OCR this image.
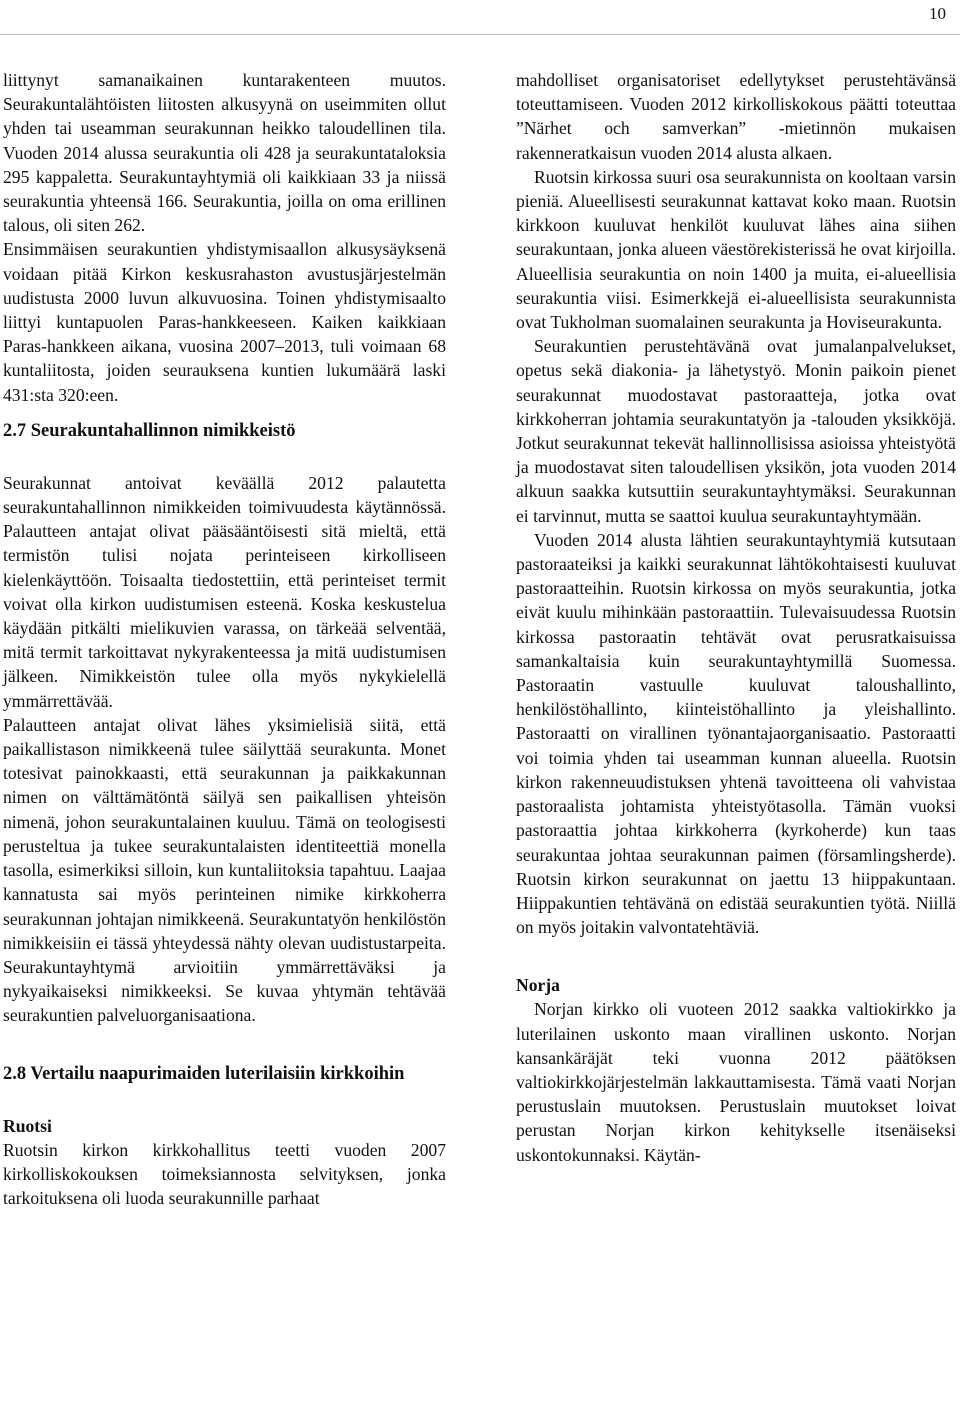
10

liittynyt samanaikainen kuntarakenteen muutos. Seurakuntalähtöisten liitosten alkusyynä on useimmiten ollut yhden tai useamman seurakunnan heikko taloudellinen tila. Vuoden 2014 alussa seurakuntia oli 428 ja seurakuntataloksia 295 kappaletta. Seurakuntayhtymiä oli kaikkiaan 33 ja niissä seurakuntia yhteensä 166. Seurakuntia, joilla on oma erillinen talous, oli siten 262.

Ensimmäisen seurakuntien yhdistymisaallon alkusysäyksenä voidaan pitää Kirkon keskusrahaston avustusjärjestelmän uudistusta 2000 luvun alkuvuosina. Toinen yhdistymisaalto liittyi kuntapuolen Paras-hankkeeseen. Kaiken kaikkiaan Paras-hankkeen aikana, vuosina 2007–2013, tuli voimaan 68 kuntaliitosta, joiden seurauksena kuntien lukumäärä laski 431:sta 320:een.

2.7 Seurakuntahallinnon nimikkeistö

Seurakunnat antoivat keväällä 2012 palautetta seurakuntahallinnon nimikkeiden toimivuudesta käytännössä. Palautteen antajat olivat pääsääntöisesti sitä mieltä, että termistön tulisi nojata perinteiseen kirkolliseen kielenkäyttöön. Toisaalta tiedostettiin, että perinteiset termit voivat olla kirkon uudistumisen esteenä. Koska keskustelua käydään pitkälti mielikuvien varassa, on tärkeää selventää, mitä termit tarkoittavat nykyrakenteessa ja mitä uudistumisen jälkeen. Nimikkeistön tulee olla myös nykykielellä ymmärrettävää.

Palautteen antajat olivat lähes yksimielisiä siitä, että paikallistason nimikkeenä tulee säilyttää seurakunta. Monet totesivat painokkaasti, että seurakunnan ja paikkakunnan nimen on välttämätöntä säilyä sen paikallisen yhteisön nimenä, johon seurakuntalainen kuuluu. Tämä on teologisesti perusteltua ja tukee seurakuntalaisten identiteettiä monella tasolla, esimerkiksi silloin, kun kuntaliitoksia tapahtuu. Laajaa kannatusta sai myös perinteinen nimike kirkkoherra seurakunnan johtajan nimikkeenä. Seurakuntatyön henkilöstön nimikkeisiin ei tässä yhteydessä nähty olevan uudistustarpeita. Seurakuntayhtymä arvioitiin ymmärrettäväksi ja nykyaikaiseksi nimikkeeksi. Se kuvaa yhtymän tehtävää seurakuntien palveluorganisaationa.

2.8 Vertailu naapurimaiden luterilaisiin kirkkoihin
Ruotsi

Ruotsin kirkon kirkkohallitus teetti vuoden 2007 kirkolliskokouksen toimeksiannosta selvityksen, jonka tarkoituksena oli luoda seurakunnille parhaat

mahdolliset organisatoriset edellytykset perustehtävänsä toteuttamiseen. Vuoden 2012 kirkolliskokous päätti toteuttaa ”Närhet och samverkan” -mietinnön mukaisen rakenneratkaisun vuoden 2014 alusta alkaen.

Ruotsin kirkossa suuri osa seurakunnista on kooltaan varsin pieniä. Alueellisesti seurakunnat kattavat koko maan. Ruotsin kirkkoon kuuluvat henkilöt kuuluvat lähes aina siihen seurakuntaan, jonka alueen väestörekisterissä he ovat kirjoilla. Alueellisia seurakuntia on noin 1400 ja muita, ei-alueellisia seurakuntia viisi. Esimerkkejä ei-alueellisista seurakunnista ovat Tukholman suomalainen seurakunta ja Hoviseurakunta.

Seurakuntien perustehtävänä ovat jumalanpalvelukset, opetus sekä diakonia- ja lähetystyö. Monin paikoin pienet seurakunnat muodostavat pastoraatteja, jotka ovat kirkkoherran johtamia seurakuntatyön ja -talouden yksikköjä. Jotkut seurakunnat tekevät hallinnollisissa asioissa yhteistyötä ja muodostavat siten taloudellisen yksikön, jota vuoden 2014 alkuun saakka kutsuttiin seurakuntayhtymäksi. Seurakunnan ei tarvinnut, mutta se saattoi kuulua seurakuntayhtymään.

Vuoden 2014 alusta lähtien seurakuntayhtymiä kutsutaan pastoraateiksi ja kaikki seurakunnat lähtökohtaisesti kuuluvat pastoraatteihin. Ruotsin kirkossa on myös seurakuntia, jotka eivät kuulu mihinkään pastoraattiin. Tulevaisuudessa Ruotsin kirkossa pastoraatin tehtävät ovat perusratkaisuissa samankaltaisia kuin seurakuntayhtymillä Suomessa. Pastoraatin vastuulle kuuluvat taloushallinto, henkilöstöhallinto, kiinteistöhallinto ja yleishallinto. Pastoraatti on virallinen työnantajaorganisaatio. Pastoraatti voi toimia yhden tai useamman kunnan alueella. Ruotsin kirkon rakenneuudistuksen yhtenä tavoitteena oli vahvistaa pastoraalista johtamista yhteistyötasolla. Tämän vuoksi pastoraattia johtaa kirkkoherra (kyrkoherde) kun taas seurakuntaa johtaa seurakunnan paimen (församlingsherde). Ruotsin kirkon seurakunnat on jaettu 13 hiippakuntaan. Hiippakuntien tehtävänä on edistää seurakuntien työtä. Niillä on myös joitakin valvontatehtäviä.

Norja

Norjan kirkko oli vuoteen 2012 saakka valtiokirkko ja luterilainen uskonto maan virallinen uskonto. Norjan kansankäräjät teki vuonna 2012 päätöksen valtiokirkkojärjestelmän lakkauttamisesta. Tämä vaati Norjan perustuslain muutoksen. Perustuslain muutokset loivat perustan Norjan kirkon kehitykselle itsenäiseksi uskontokunnaksi. Käytän-
